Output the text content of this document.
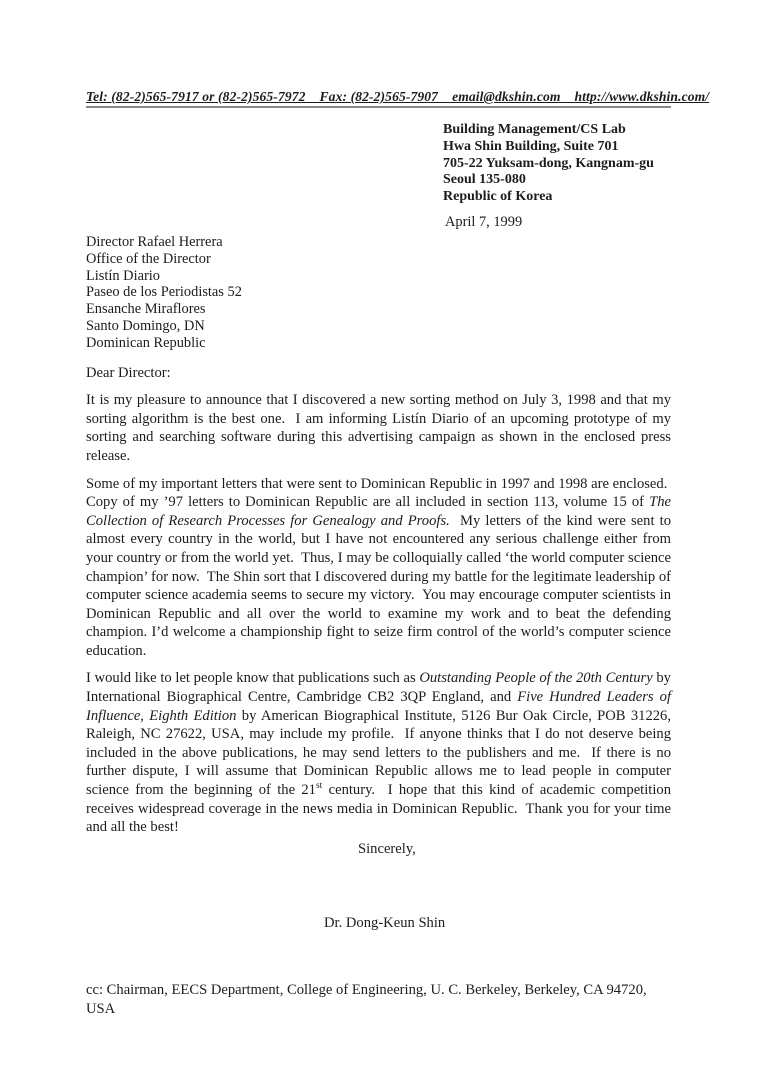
Tel: (82-2)565-7917 or (82-2)565-7972    Fax: (82-2)565-7907    email@dkshin.com    http://www.dkshin.com/
Building Management/CS Lab
Hwa Shin Building, Suite 701
705-22 Yuksam-dong, Kangnam-gu
Seoul 135-080
Republic of Korea
April 7, 1999
Director Rafael Herrera
Office of the Director
Listín Diario
Paseo de los Periodistas 52
Ensanche Miraflores
Santo Domingo, DN
Dominican Republic
Dear Director:

It is my pleasure to announce that I discovered a new sorting method on July 3, 1998 and that my sorting algorithm is the best one.  I am informing Listín Diario of an upcoming prototype of my sorting and searching software during this advertising campaign as shown in the enclosed press release.

Some of my important letters that were sent to Dominican Republic in 1997 and 1998 are enclosed.  Copy of my ’97 letters to Dominican Republic are all included in section 113, volume 15 of The Collection of Research Processes for Genealogy and Proofs.  My letters of the kind were sent to almost every country in the world, but I have not encountered any serious challenge either from your country or from the world yet.  Thus, I may be colloquially called ‘the world computer science champion’ for now.  The Shin sort that I discovered during my battle for the legitimate leadership of computer science academia seems to secure my victory.  You may encourage computer scientists in Dominican Republic and all over the world to examine my work and to beat the defending champion. I’d welcome a championship fight to seize firm control of the world’s computer science education.

I would like to let people know that publications such as Outstanding People of the 20th Century by International Biographical Centre, Cambridge CB2 3QP England, and Five Hundred Leaders of Influence, Eighth Edition by American Biographical Institute, 5126 Bur Oak Circle, POB 31226, Raleigh, NC 27622, USA, may include my profile.  If anyone thinks that I do not deserve being included in the above publications, he may send letters to the publishers and me.  If there is no further dispute, I will assume that Dominican Republic allows me to lead people in computer science from the beginning of the 21st century.  I hope that this kind of academic competition receives widespread coverage in the news media in Dominican Republic.  Thank you for your time and all the best!

Sincerely,
Dr. Dong-Keun Shin
cc: Chairman, EECS Department, College of Engineering, U. C. Berkeley, Berkeley, CA 94720, USA
